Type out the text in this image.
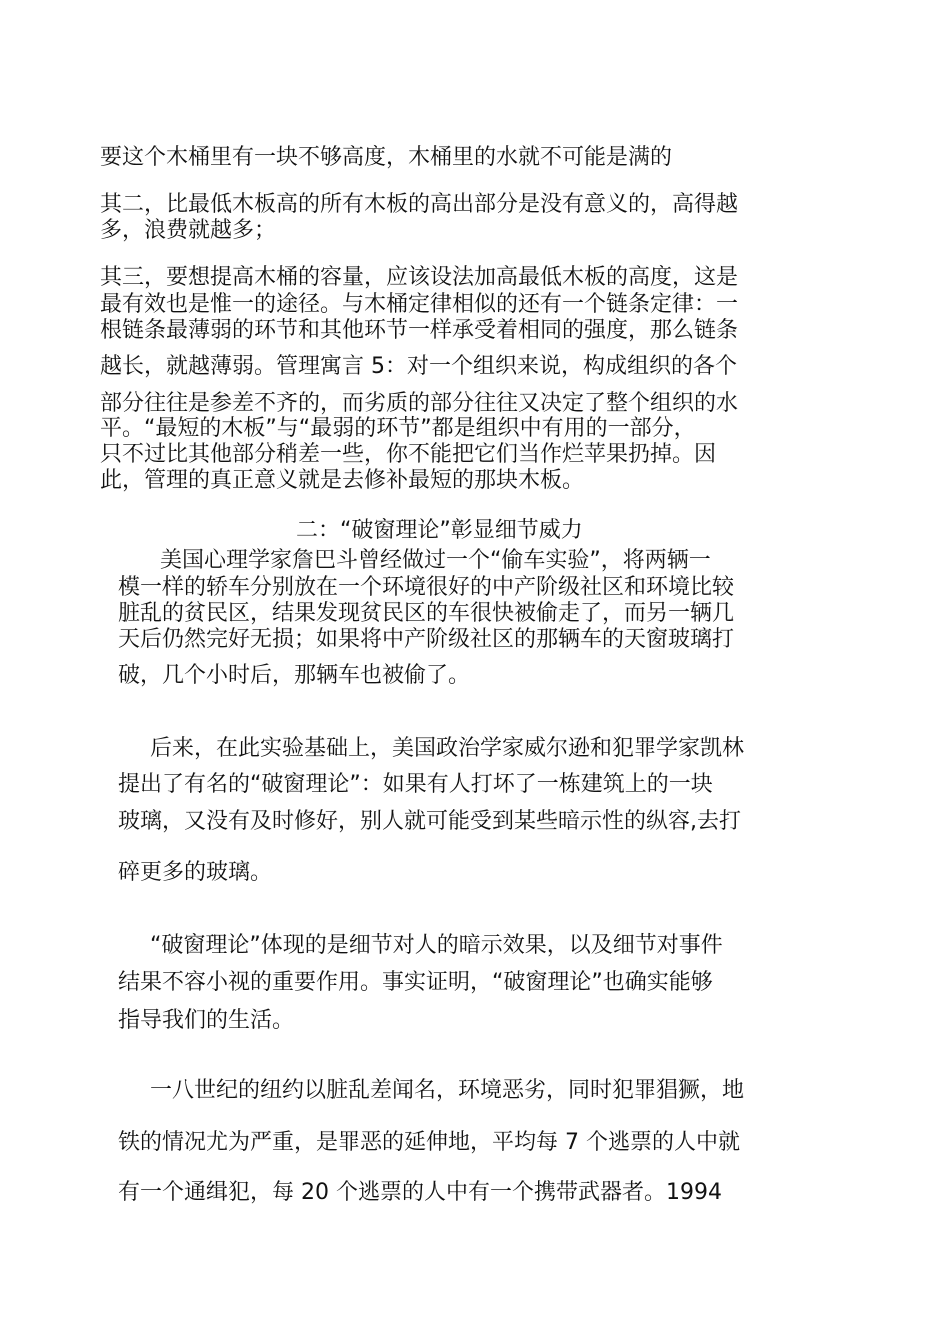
要这个木桶里有一块不够高度，木桶里的水就不可能是满的
其二，比最低木板高的所有木板的高出部分是没有意义的，高得越
多，浪费就越多；
其三，要想提高木桶的容量，应该设法加高最低木板的高度，这是
最有效也是惟一的途径。与木桶定律相似的还有一个链条定律：一
根链条最薄弱的环节和其他环节一样承受着相同的强度，那么链条
越长，就越薄弱。管理寓言 5：对一个组织来说，构成组织的各个
部分往往是参差不齐的，而劣质的部分往往又决定了整个组织的水
平。“最短的木板”与“最弱的环节”都是组织中有用的一部分，
只不过比其他部分稍差一些，你不能把它们当作烂苹果扔掉。因
此，管理的真正意义就是去修补最短的那块木板。
二：“破窗理论”彰显细节威力
美国心理学家詹巴斗曾经做过一个“偷车实验”，将两辆一
模一样的轿车分别放在一个环境很好的中产阶级社区和环境比较
脏乱的贫民区，结果发现贫民区的车很快被偷走了，而另一辆几
天后仍然完好无损；如果将中产阶级社区的那辆车的天窗玻璃打
破，几个小时后，那辆车也被偷了。
后来，在此实验基础上，美国政治学家威尔逊和犯罪学家凯林
提出了有名的“破窗理论”：如果有人打坏了一栋建筑上的一块
玻璃，又没有及时修好，别人就可能受到某些暗示性的纵容,去打
碎更多的玻璃。
“破窗理论”体现的是细节对人的暗示效果，以及细节对事件
结果不容小视的重要作用。事实证明，“破窗理论”也确实能够
指导我们的生活。
一八世纪的纽约以脏乱差闻名，环境恶劣，同时犯罪猖獗，地
铁的情况尤为严重，是罪恶的延伸地，平均每 7 个逃票的人中就
有一个通缉犯，每 20 个逃票的人中有一个携带武器者。1994
